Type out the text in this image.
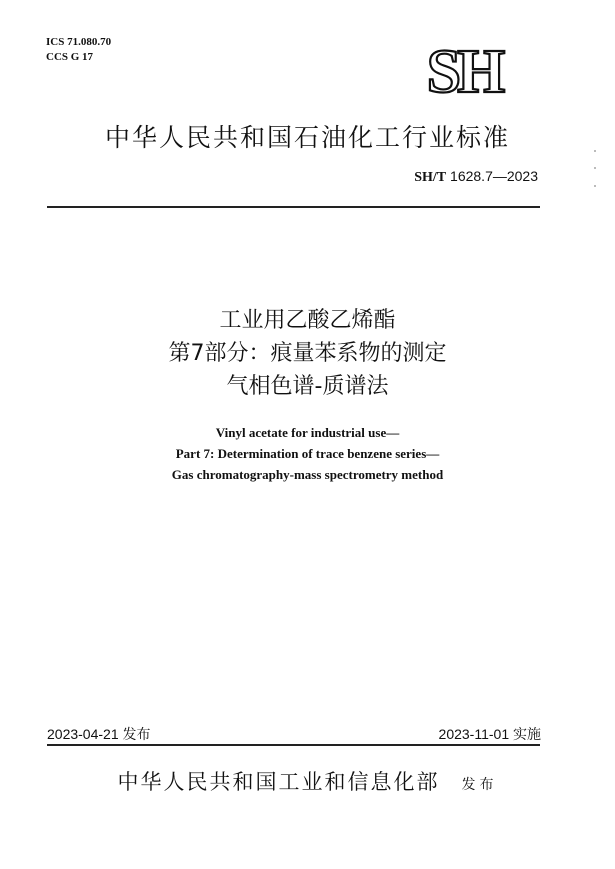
ICS 71.080.70
CCS G 17	SH
中华人民共和国石油化工行业标准
SH/T 1628.7—2023
工业用乙酸乙烯酯
第7部分：痕量苯系物的测定
气相色谱-质谱法
Vinyl acetate for industrial use—
Part 7: Determination of trace benzene series—
Gas chromatography-mass spectrometry method
2023-04-21 发布	2023-11-01 实施
中华人民共和国工业和信息化部 发布
